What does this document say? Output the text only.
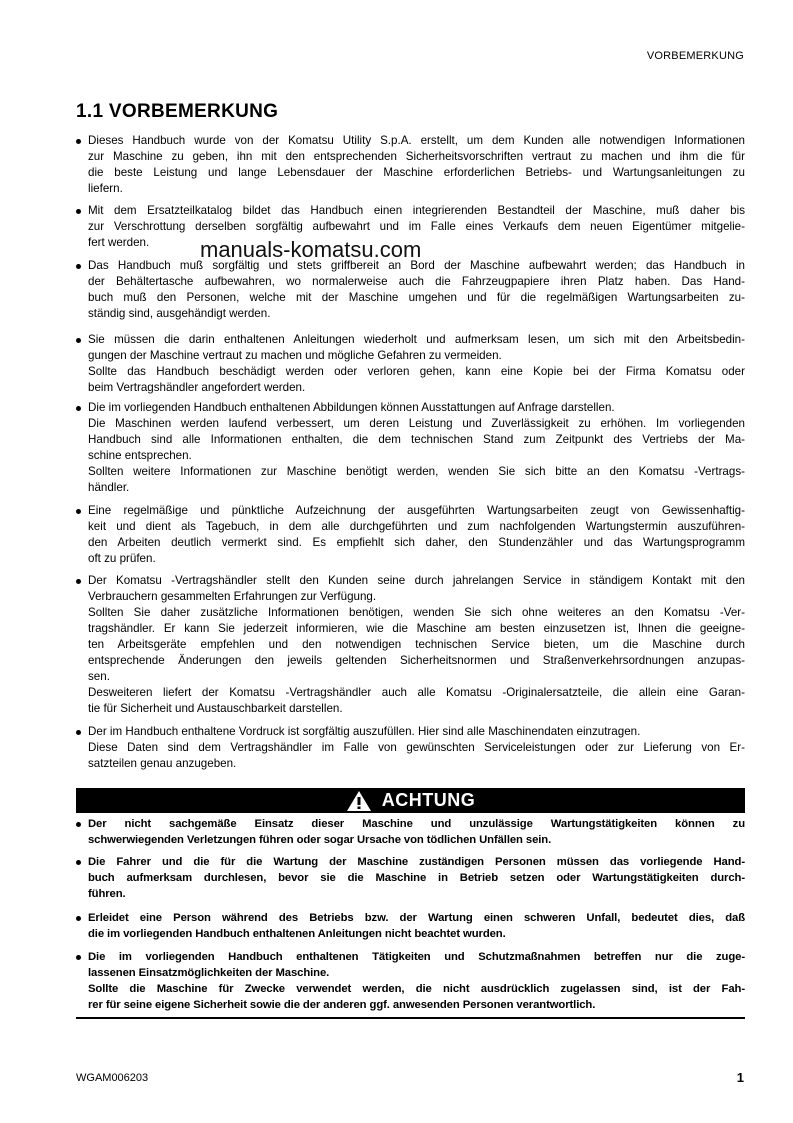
VORBEMERKUNG
1.1 VORBEMERKUNG
Dieses Handbuch wurde von der Komatsu Utility S.p.A. erstellt, um dem Kunden alle notwendigen Informationen
zur Maschine zu geben, ihn mit den entsprechenden Sicherheitsvorschriften vertraut zu machen und ihm die für
die beste Leistung und lange Lebensdauer der Maschine erforderlichen Betriebs- und Wartungsanleitungen zu
liefern.
Mit dem Ersatzteilkatalog bildet das Handbuch einen integrierenden Bestandteil der Maschine, muß daher bis
zur Verschrottung derselben sorgfältig aufbewahrt und im Falle eines Verkaufs dem neuen Eigentümer mitgelie-
fert werden.	manuals-komatsu.com
Das Handbuch muß sorgfältig und stets griffbereit an Bord der Maschine aufbewahrt werden; das Handbuch in
der Behältertasche aufbewahren, wo normalerweise auch die Fahrzeugpapiere ihren Platz haben. Das Hand-
buch muß den Personen, welche mit der Maschine umgehen und für die regelmäßigen Wartungsarbeiten zu-
ständig sind, ausgehändigt werden.
Sie müssen die darin enthaltenen Anleitungen wiederholt und aufmerksam lesen, um sich mit den Arbeitsbedin-
gungen der Maschine vertraut zu machen und mögliche Gefahren zu vermeiden.
Sollte das Handbuch beschädigt werden oder verloren gehen, kann eine Kopie bei der Firma Komatsu oder
beim Vertragshändler angefordert werden.
Die im vorliegenden Handbuch enthaltenen Abbildungen können Ausstattungen auf Anfrage darstellen.
Die Maschinen werden laufend verbessert, um deren Leistung und Zuverlässigkeit zu erhöhen. Im vorliegenden
Handbuch sind alle Informationen enthalten, die dem technischen Stand zum Zeitpunkt des Vertriebs der Ma-
schine entsprechen.
Sollten weitere Informationen zur Maschine benötigt werden, wenden Sie sich bitte an den Komatsu -Vertrags-
händler.
Eine regelmäßige und pünktliche Aufzeichnung der ausgeführten Wartungsarbeiten zeugt von Gewissenhaftig-
keit und dient als Tagebuch, in dem alle durchgeführten und zum nachfolgenden Wartungstermin auszuführen-
den Arbeiten deutlich vermerkt sind. Es empfiehlt sich daher, den Stundenzähler und das Wartungsprogramm
oft zu prüfen.
Der Komatsu -Vertragshändler stellt den Kunden seine durch jahrelangen Service in ständigem Kontakt mit den
Verbrauchern gesammelten Erfahrungen zur Verfügung.
Sollten Sie daher zusätzliche Informationen benötigen, wenden Sie sich ohne weiteres an den Komatsu -Ver-
tragshändler. Er kann Sie jederzeit informieren, wie die Maschine am besten einzusetzen ist, Ihnen die geeigne-
ten Arbeitsgeräte empfehlen und den notwendigen technischen Service bieten, um die Maschine durch
entsprechende Änderungen den jeweils geltenden Sicherheitsnormen und Straßenverkehrsordnungen anzupas-
sen.
Desweiteren liefert der Komatsu -Vertragshändler auch alle Komatsu -Originalersatzteile, die allein eine Garan-
tie für Sicherheit und Austauschbarkeit darstellen.
Der im Handbuch enthaltene Vordruck ist sorgfältig auszufüllen. Hier sind alle Maschinendaten einzutragen.
Diese Daten sind dem Vertragshändler im Falle von gewünschten Serviceleistungen oder zur Lieferung von Er-
satzteilen genau anzugeben.
ACHTUNG
Der nicht sachgemäße Einsatz dieser Maschine und unzulässige Wartungstätigkeiten können zu
schwerwiegenden Verletzungen führen oder sogar Ursache von tödlichen Unfällen sein.
Die Fahrer und die für die Wartung der Maschine zuständigen Personen müssen das vorliegende Hand-
buch aufmerksam durchlesen, bevor sie die Maschine in Betrieb setzen oder Wartungstätigkeiten durch-
führen.
Erleidet eine Person während des Betriebs bzw. der Wartung einen schweren Unfall, bedeutet dies, daß
die im vorliegenden Handbuch enthaltenen Anleitungen nicht beachtet wurden.
Die im vorliegenden Handbuch enthaltenen Tätigkeiten und Schutzmaßnahmen betreffen nur die zuge-
lassenen Einsatzmöglichkeiten der Maschine.
Sollte die Maschine für Zwecke verwendet werden, die nicht ausdrücklich zugelassen sind, ist der Fah-
rer für seine eigene Sicherheit sowie die der anderen ggf. anwesenden Personen verantwortlich.
WGAM006203	1
